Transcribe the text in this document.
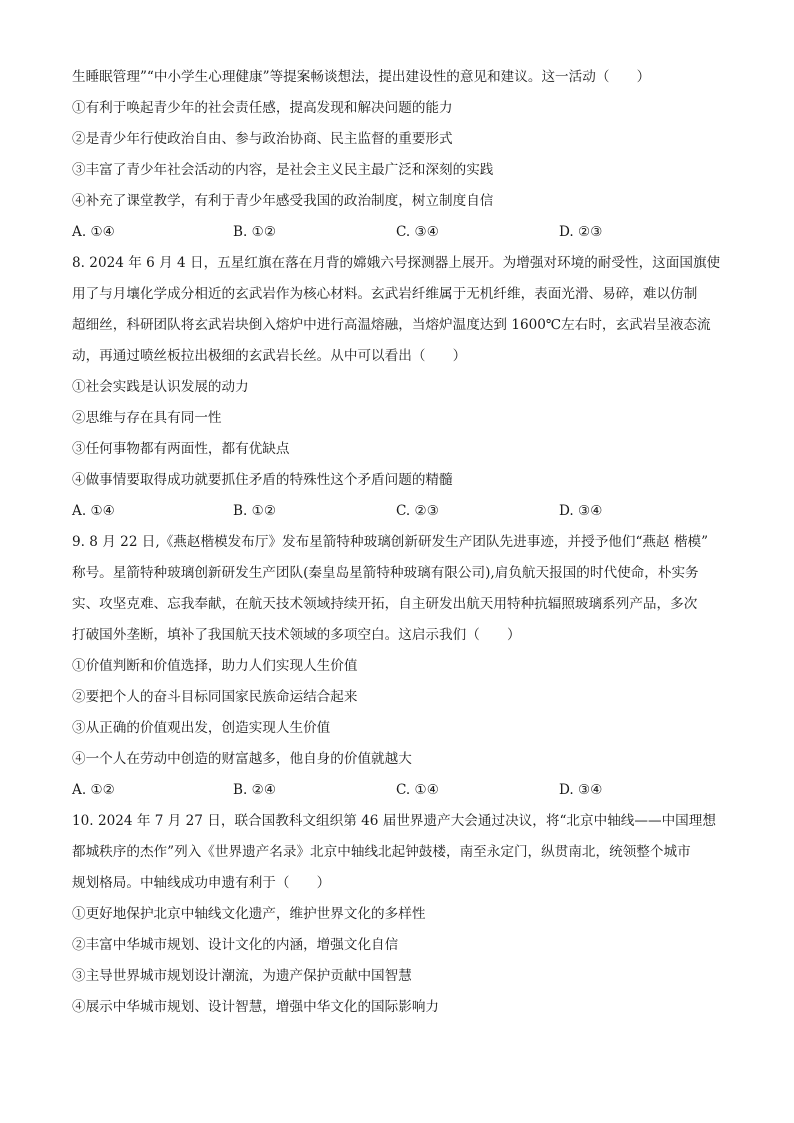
生睡眠管理”“中小学生心理健康”等提案畅谈想法，提出建设性的意见和建议。这一活动（　　）
①有利于唤起青少年的社会责任感，提高发现和解决问题的能力
②是青少年行使政治自由、参与政治协商、民主监督的重要形式
③丰富了青少年社会活动的内容，是社会主义民主最广泛和深刻的实践
④补充了课堂教学，有利于青少年感受我国的政治制度，树立制度自信
A. ①④	B. ①②	C. ③④	D. ②③
8. 2024 年 6 月 4 日，五星红旗在落在月背的嫦娥六号探测器上展开。为增强对环境的耐受性，这面国旗使
用了与月壤化学成分相近的玄武岩作为核心材料。玄武岩纤维属于无机纤维，表面光滑、易碎，难以仿制
超细丝，科研团队将玄武岩块倒入熔炉中进行高温熔融，当熔炉温度达到 1600℃左右时，玄武岩呈液态流
动，再通过喷丝板拉出极细的玄武岩长丝。从中可以看出（　　）
①社会实践是认识发展的动力
②思维与存在具有同一性
③任何事物都有两面性，都有优缺点
④做事情要取得成功就要抓住矛盾的特殊性这个矛盾问题的精髓
A. ①④	B. ①②	C. ②③	D. ③④
9. 8 月 22 日,《燕赵楷模发布厅》发布星箭特种玻璃创新研发生产团队先进事迹，并授予他们“燕赵 楷模”
称号。星箭特种玻璃创新研发生产团队(秦皇岛星箭特种玻璃有限公司),肩负航天报国的时代使命，朴实务
实、攻坚克难、忘我奉献，在航天技术领域持续开拓，自主研发出航天用特种抗辐照玻璃系列产品，多次
打破国外垄断，填补了我国航天技术领域的多项空白。这启示我们（　　）
①价值判断和价值选择，助力人们实现人生价值
②要把个人的奋斗目标同国家民族命运结合起来
③从正确的价值观出发，创造实现人生价值
④一个人在劳动中创造的财富越多，他自身的价值就越大
A. ①②	B. ②④	C. ①④	D. ③④
10. 2024 年 7 月 27 日，联合国教科文组织第 46 届世界遗产大会通过决议，将“北京中轴线——中国理想
都城秩序的杰作”列入《世界遗产名录》北京中轴线北起钟鼓楼，南至永定门，纵贯南北，统领整个城市
规划格局。中轴线成功申遗有利于（　　）
①更好地保护北京中轴线文化遗产，维护世界文化的多样性
②丰富中华城市规划、设计文化的内涵，增强文化自信
③主导世界城市规划设计潮流，为遗产保护贡献中国智慧
④展示中华城市规划、设计智慧，增强中华文化的国际影响力
